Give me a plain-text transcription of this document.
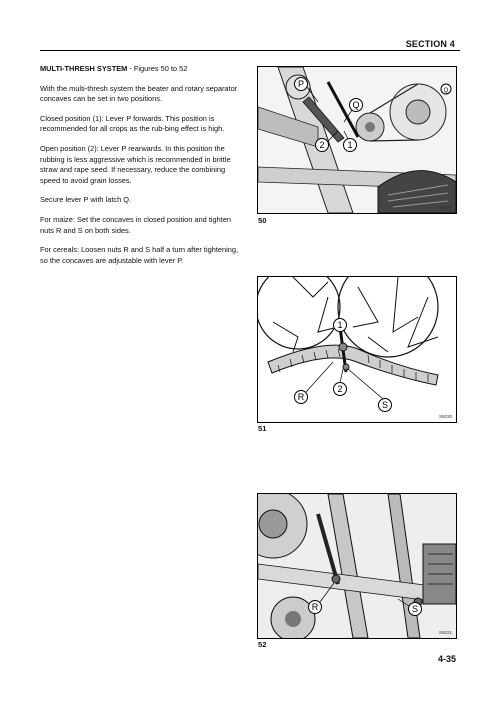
SECTION 4

MULTI-THRESH SYSTEM - Figures 50 to 52

With the multi-thresh system the beater and rotary separator concaves can be set in two positions.

Closed position (1): Lever P forwards. This position is recommended for all crops as the rub-bing effect is high.

Open position (2): Lever P rearwards. In this position the rubbing is less aggressive which is recommended in brittle straw and rape seed. If necessary, reduce the combining speed to avoid grain losses.

Secure lever P with latch Q.

For maize: Set the concaves in closed position and tighten nuts R and S on both sides.

For cereals: Loosen nuts R and S half a turn after tightening, so the concaves are adjustable with lever P.

P
Q
2	1
Q
S5026
50
1
2
R
S
S5030
51
R	S
S5021
52
4-35
